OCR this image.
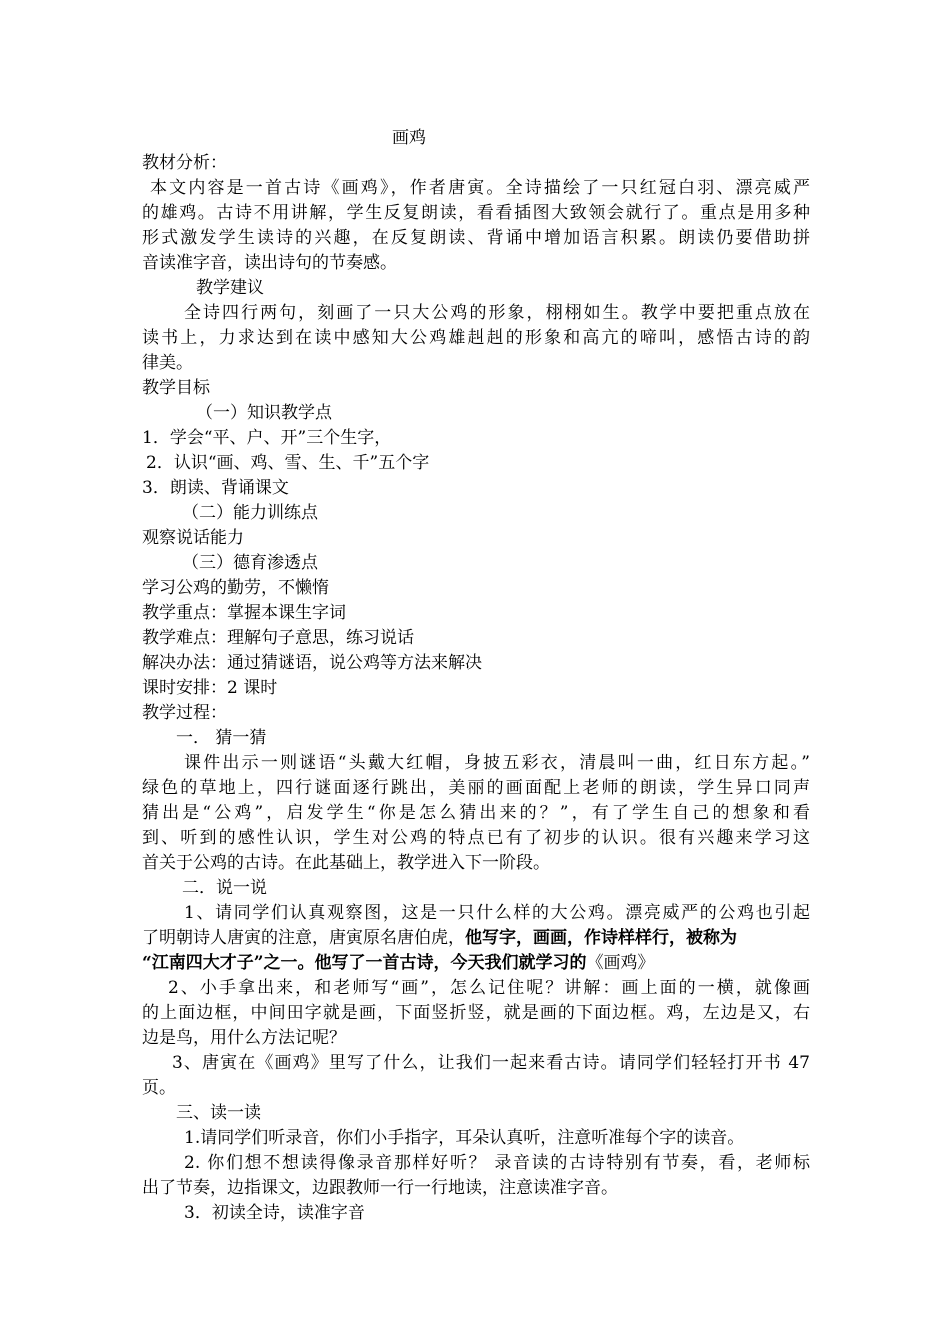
画鸡
教材分析：
本文内容是一首古诗《画鸡》，作者唐寅。全诗描绘了一只红冠白羽、漂亮威严
的雄鸡。古诗不用讲解，学生反复朗读，看看插图大致领会就行了。重点是用多种
形式激发学生读诗的兴趣，在反复朗读、背诵中增加语言积累。朗读仍要借助拼
音读准字音，读出诗句的节奏感。
教学建议
全诗四行两句，刻画了一只大公鸡的形象，栩栩如生。教学中要把重点放在
读书上，力求达到在读中感知大公鸡雄赳赳的形象和高亢的啼叫，感悟古诗的韵
律美。
教学目标
（一）知识教学点
1．学会“平、户、开”三个生字，
2．认识“画、鸡、雪、生、千”五个字
3．朗读、背诵课文
（二）能力训练点
观察说话能力
（三）德育渗透点
学习公鸡的勤劳，不懒惰
教学重点：掌握本课生字词
教学难点：理解句子意思，练习说话
解决办法：通过猜谜语，说公鸡等方法来解决
课时安排：2 课时
教学过程：
一． 猜一猜
课件出示一则谜语“头戴大红帽，身披五彩衣，清晨叫一曲，红日东方起。”
绿色的草地上，四行谜面逐行跳出，美丽的画面配上老师的朗读，学生异口同声
猜出是“公鸡”，启发学生“你是怎么猜出来的？”，有了学生自己的想象和看
到、听到的感性认识，学生对公鸡的特点已有了初步的认识。很有兴趣来学习这
首关于公鸡的古诗。在此基础上，教学进入下一阶段。
二．说一说
1、请同学们认真观察图，这是一只什么样的大公鸡。漂亮威严的公鸡也引起
了明朝诗人唐寅的注意，唐寅原名唐伯虎，他写字，画画，作诗样样行，被称为
“江南四大才子”之一。他写了一首古诗，今天我们就学习的《画鸡》
2、小手拿出来，和老师写“画”，怎么记住呢？讲解：画上面的一横，就像画
的上面边框，中间田字就是画，下面竖折竖，就是画的下面边框。鸡，左边是又，右
边是鸟，用什么方法记呢？
3、唐寅在《画鸡》里写了什么，让我们一起来看古诗。请同学们轻轻打开书 47
页。
三、读一读
1.请同学们听录音，你们小手指字，耳朵认真听，注意听准每个字的读音。
2. 你们想不想读得像录音那样好听？ 录音读的古诗特别有节奏，看，老师标
出了节奏，边指课文，边跟教师一行一行地读，注意读准字音。
3．初读全诗，读准字音
